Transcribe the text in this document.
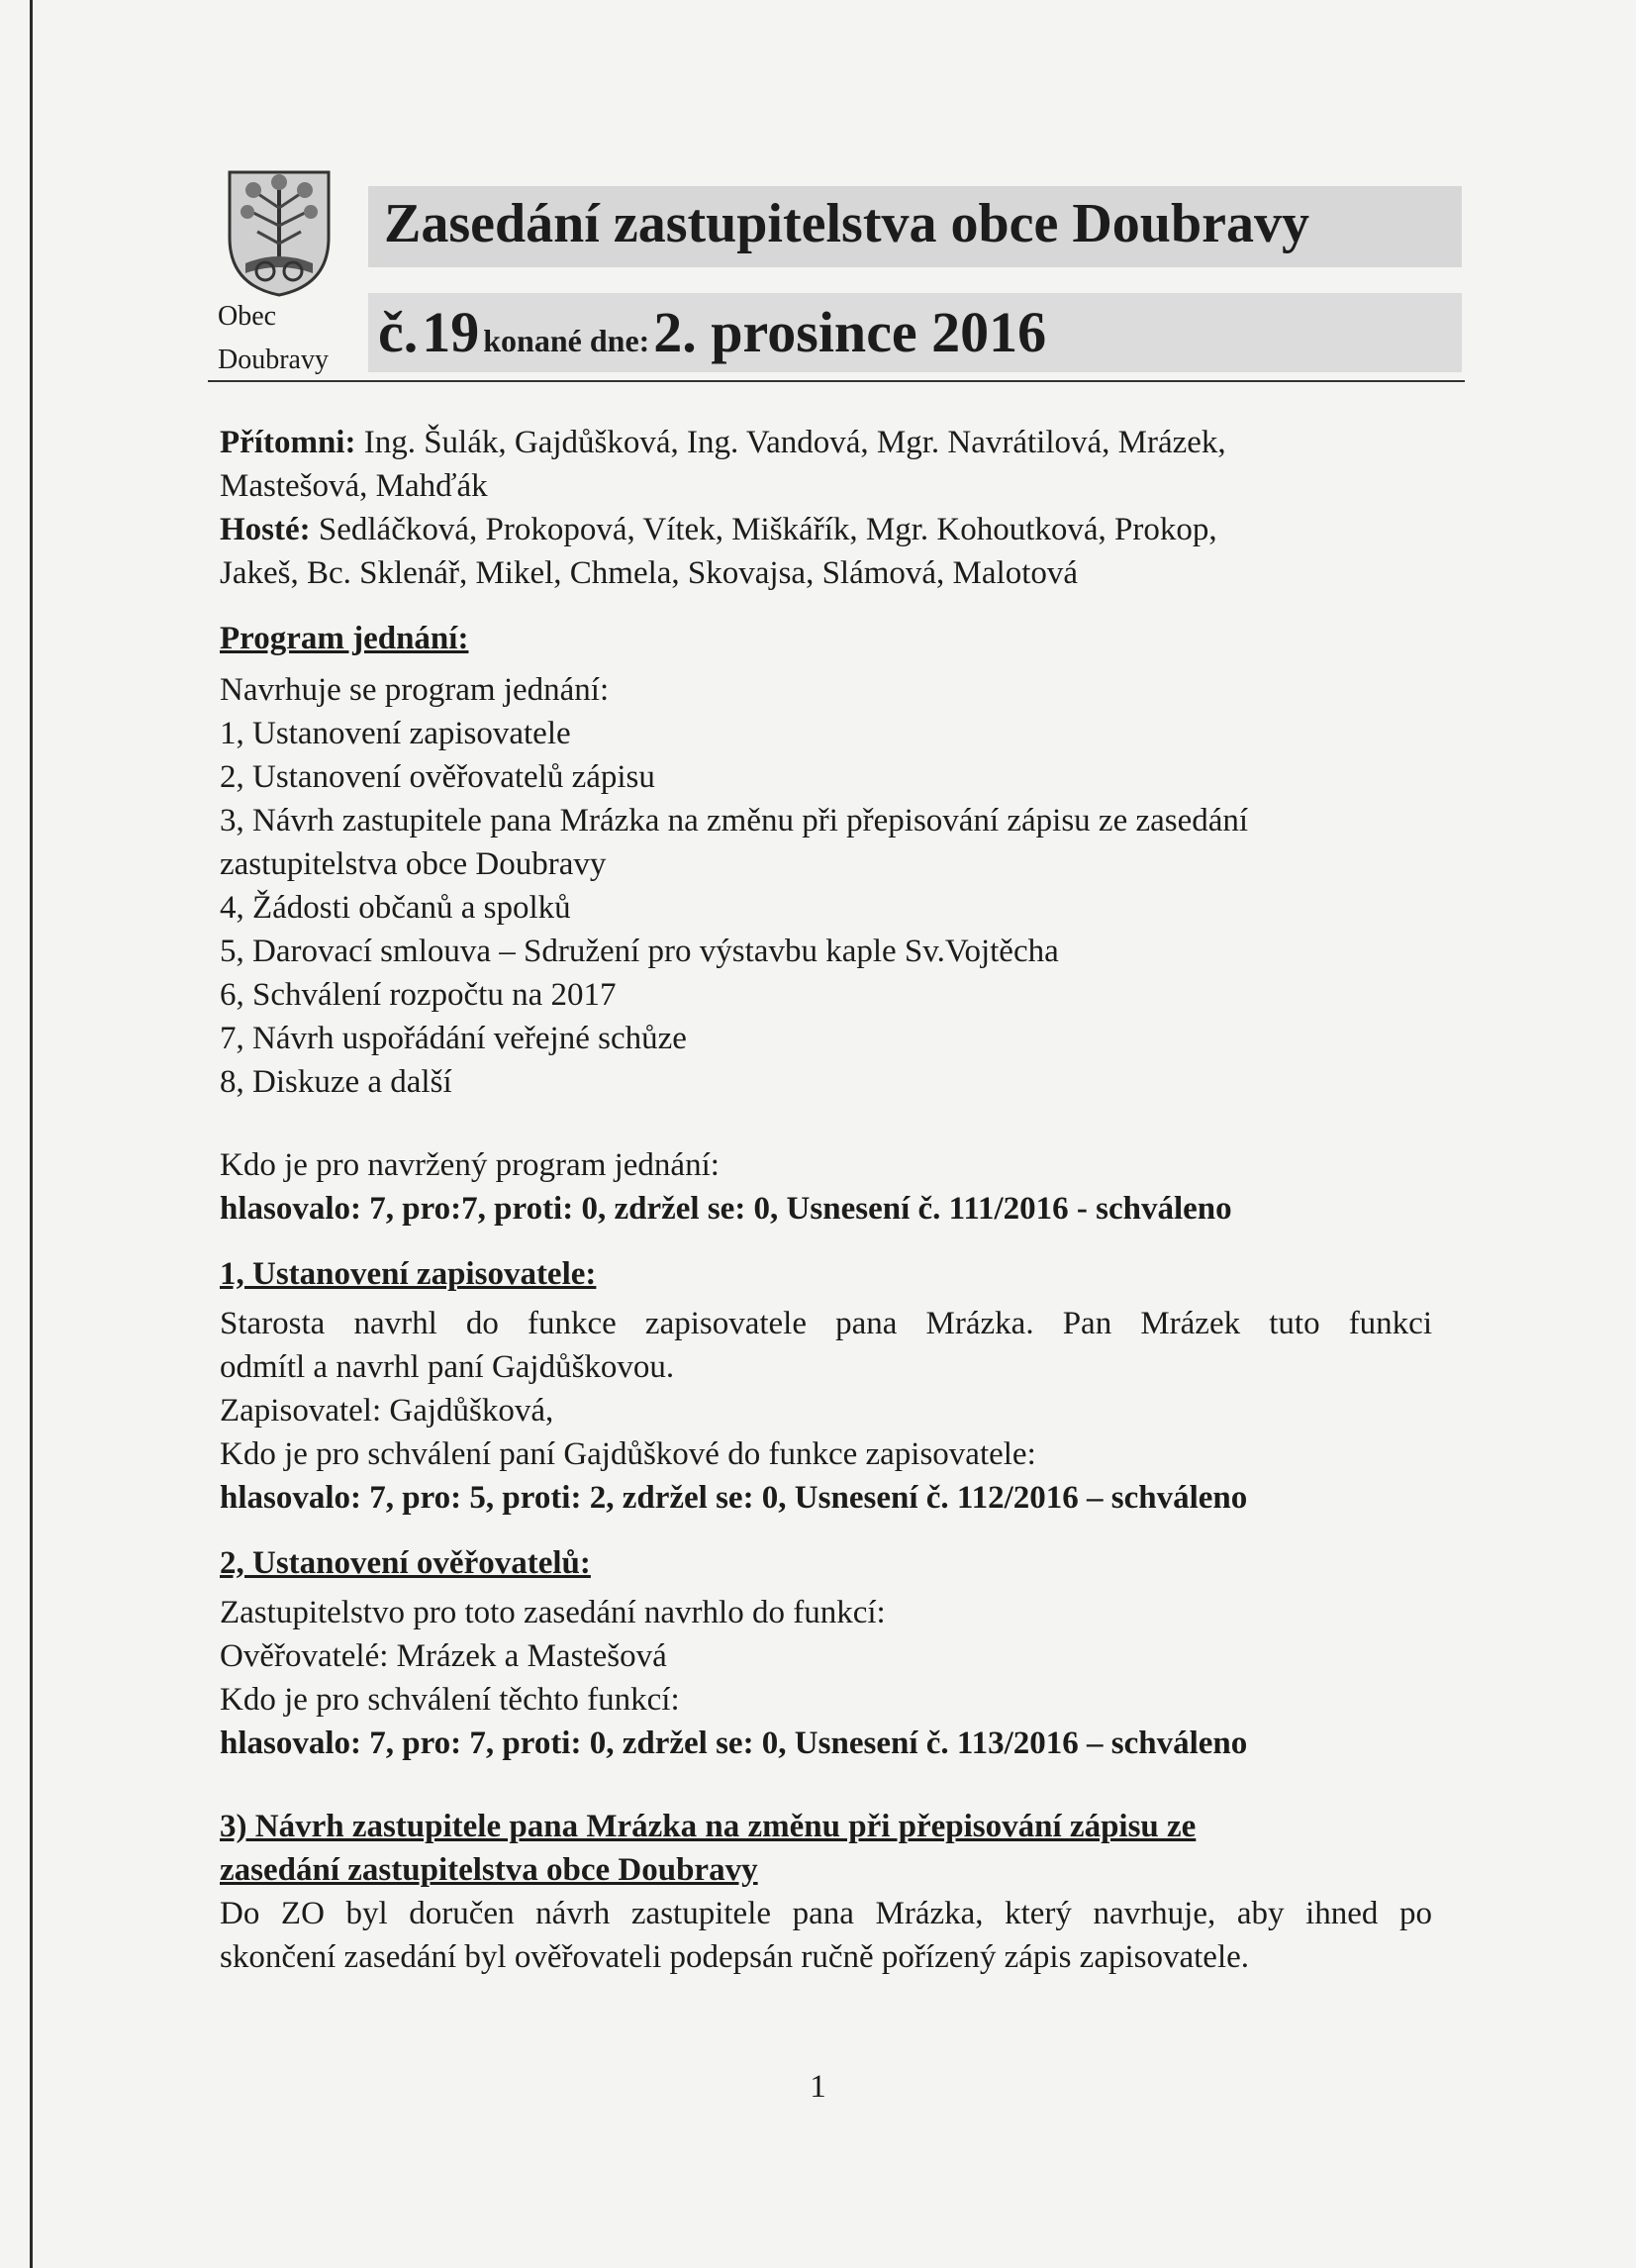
Obec
Doubravy
Zasedání zastupitelstva obce Doubravy
č. 19 konané dne: 2. prosince 2016

Přítomni: Ing. Šulák, Gajdůšková, Ing. Vandová, Mgr. Navrátilová, Mrázek,

Mastešová, Mahďák

Hosté: Sedláčková, Prokopová, Vítek, Miškářík, Mgr. Kohoutková, Prokop,

Jakeš, Bc. Sklenář, Mikel, Chmela, Skovajsa, Slámová, Malotová

Program jednání:

Navrhuje se program jednání:

1, Ustanovení zapisovatele

2, Ustanovení ověřovatelů zápisu

3, Návrh zastupitele pana Mrázka na změnu při přepisování zápisu ze zasedání

zastupitelstva obce Doubravy

4, Žádosti občanů a spolků

5, Darovací smlouva – Sdružení pro výstavbu kaple Sv.Vojtěcha

6, Schválení rozpočtu na 2017

7, Návrh uspořádání veřejné schůze

8, Diskuze a další

Kdo je pro navržený program jednání:

hlasovalo: 7, pro:7, proti: 0, zdržel se: 0, Usnesení č. 111/2016 - schváleno

1, Ustanovení zapisovatele:

Starosta navrhl do funkce zapisovatele pana Mrázka. Pan Mrázek tuto funkci

odmítl a navrhl paní Gajdůškovou.

Zapisovatel: Gajdůšková,

Kdo je pro schválení paní Gajdůškové do funkce zapisovatele:

hlasovalo: 7, pro: 5, proti: 2, zdržel se: 0, Usnesení č. 112/2016 – schváleno

2, Ustanovení ověřovatelů:

Zastupitelstvo pro toto zasedání navrhlo do funkcí:

Ověřovatelé: Mrázek a Mastešová

Kdo je pro schválení těchto funkcí:

hlasovalo: 7, pro: 7, proti: 0, zdržel se: 0, Usnesení č. 113/2016 – schváleno

3) Návrh zastupitele pana Mrázka na změnu při přepisování zápisu ze

zasedání zastupitelstva obce Doubravy

Do ZO byl doručen návrh zastupitele pana Mrázka, který navrhuje, aby ihned po

skončení zasedání byl ověřovateli podepsán ručně pořízený zápis zapisovatele.

1
